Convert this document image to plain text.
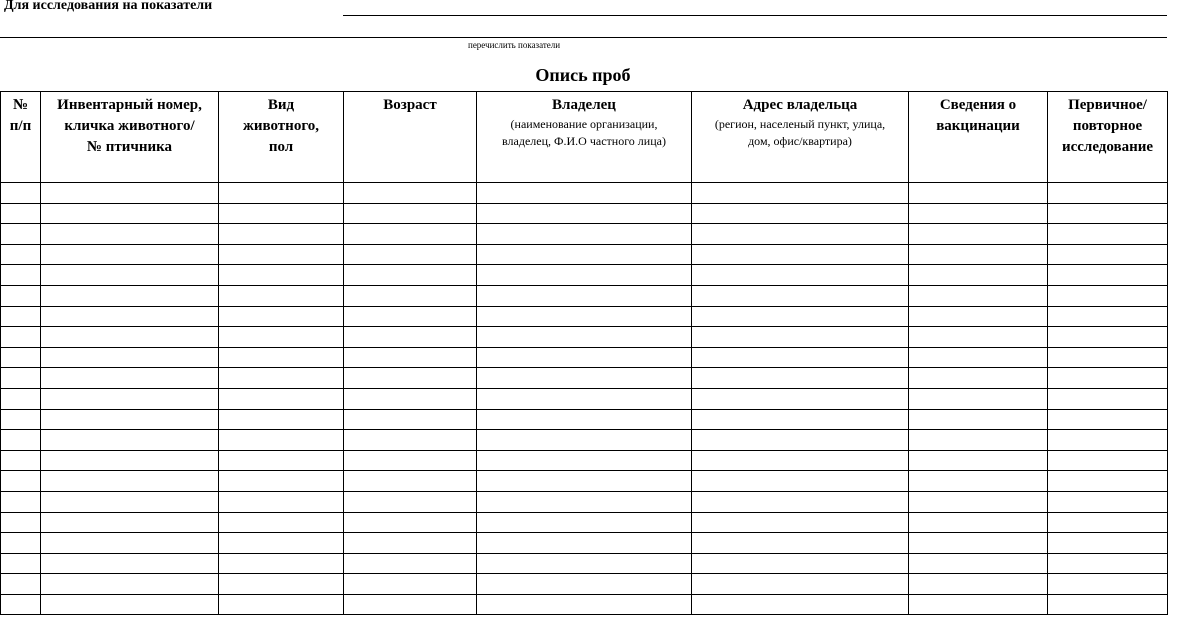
Для исследования на показатели
перечислить показатели
Опись проб
№
п/п	Инвентарный номер,
кличка животного/
№ птичника	Вид
животного,
пол	Возраст	Владелец
(наименование организации,
владелец, Ф.И.О частного лица)	Адрес владельца
(регион, населеный пункт, улица,
дом, офис/квартира)	Сведения о
вакцинации	Первичное/
повторное
исследование
